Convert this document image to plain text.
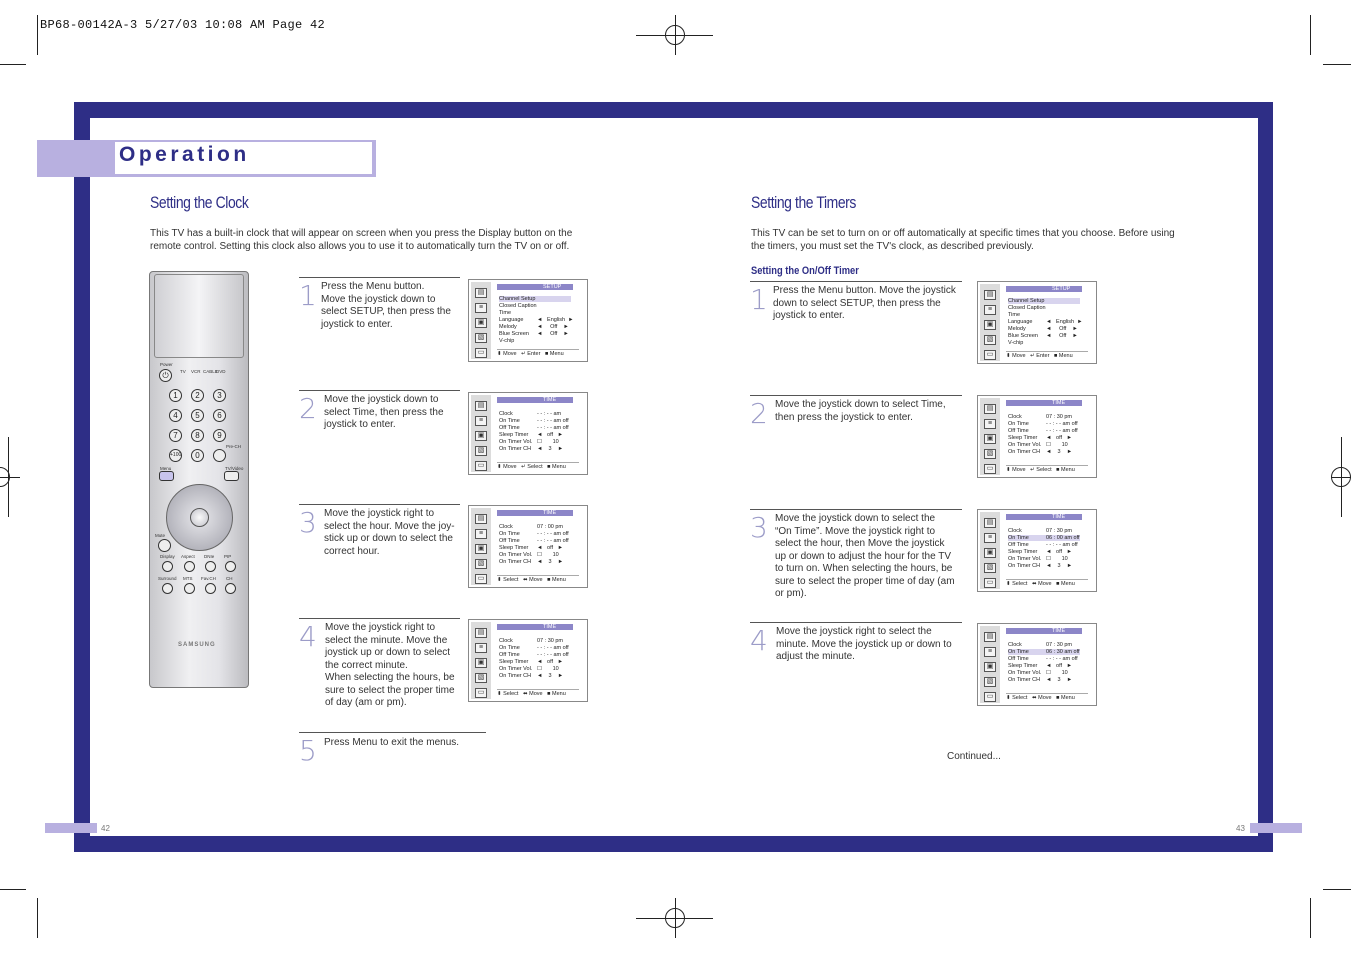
BP68-00142A-3 5/27/03 10:08 AM Page 42
Operation
Setting the Clock
This TV has a built-in clock that will appear on screen when you press the Display button on the
remote control. Setting this clock also allows you to use it to automatically turn the TV on or off.
Power
⏻	TV VCR CABLE
DVD
1	2	3
4	5	6
7	8	9
+100	0
Pre-CH
Menu	TV/Video
Mute
Display Aspect DNIe PIP
Surround MTS Fav.CH CH
SAMSUNG
1 Press the Menu button.
Move the joystick down to
select SETUP, then press the
joystick to enter.
2 Move the joystick down to
select Time, then press the
joystick to enter.
3 Move the joystick right to
select the hour. Move the joy-
stick up or down to select the
correct hour.
4 Move the joystick right to
select the minute. Move the
joystick up or down to select
the correct minute.
When selecting the hours, be
sure to select the proper time
of day (am or pm).
5 Press Menu to exit the menus.
▤
≡
▣
▧
▭
SETUP
Channel Setup
Closed Caption
Time
Language ◄   English  ►
Melody	◄     Off    ►
Blue Screen ◄     Off    ►
V-chip
⬍ Move   ↵ Enter   ■ Menu
▤
≡
▣
▧
▭
TIME
Clock	- - : - - am
On Time	- - : - - am off
Off Time	- - : - - am off
Sleep Timer ◄   off   ►
On Timer Vol. ☐       10
On Timer CH ◄    3    ►
⬍ Move   ↵ Select   ■ Menu
▤
≡
▣
▧
▭
TIME
Clock	07 : 00 pm
On Time	- - : - - am off
Off Time	- - : - - am off
Sleep Timer ◄   off   ►
On Timer Vol. ☐       10
On Timer CH ◄    3    ►
⬍ Select   ⬌ Move   ■ Menu
▤
≡
▣
▧
▭
TIME
Clock	07 : 30 pm
On Time	- - : - - am off
Off Time	- - : - - am off
Sleep Timer ◄   off   ►
On Timer Vol. ☐       10
On Timer CH ◄    3    ►
⬍ Select   ⬌ Move   ■ Menu
Setting the Timers
This TV can be set to turn on or off automatically at specific times that you choose. Before using
the timers, you must set the TV's clock, as described previously.
Setting the On/Off Timer
1 Press the Menu button. Move the joystick
down to select SETUP, then press the
joystick to enter.
2 Move the joystick down to select Time,
then press the joystick to enter.
3 Move the joystick down to select the
“On Time”. Move the joystick right to
select the hour, then Move the joystick
up or down to adjust the hour for the TV
to turn on. When selecting the hours, be
sure to select the proper time of day (am
or pm).
4 Move the joystick right to select the
minute. Move the joystick up or down to
adjust the minute.
▤
≡
▣
▧
▭
SETUP
Channel Setup
Closed Caption
Time
Language ◄   English  ►
Melody	◄     Off    ►
Blue Screen ◄     Off    ►
V-chip
⬍ Move   ↵ Enter   ■ Menu
▤
≡
▣
▧
▭
TIME
Clock	07 : 30 pm
On Time	- - : - - am off
Off Time	- - : - - am off
Sleep Timer ◄   off   ►
On Timer Vol. ☐       10
On Timer CH ◄    3    ►
⬍ Move   ↵ Select   ■ Menu
▤
≡
▣
▧
▭
TIME
Clock	07 : 30 pm
On Time	06 : 00 am off
Off Time	- - : - - am off
Sleep Timer ◄   off   ►
On Timer Vol. ☐       10
On Timer CH ◄    3    ►
⬍ Select   ⬌ Move   ■ Menu
▤
≡
▣
▧
▭
TIME
Clock	07 : 30 pm
On Time	06 : 30 am off
Off Time	- - : - - am off
Sleep Timer ◄   off   ►
On Timer Vol. ☐       10
On Timer CH ◄    3    ►
⬍ Select   ⬌ Move   ■ Menu
Continued...
42	43
